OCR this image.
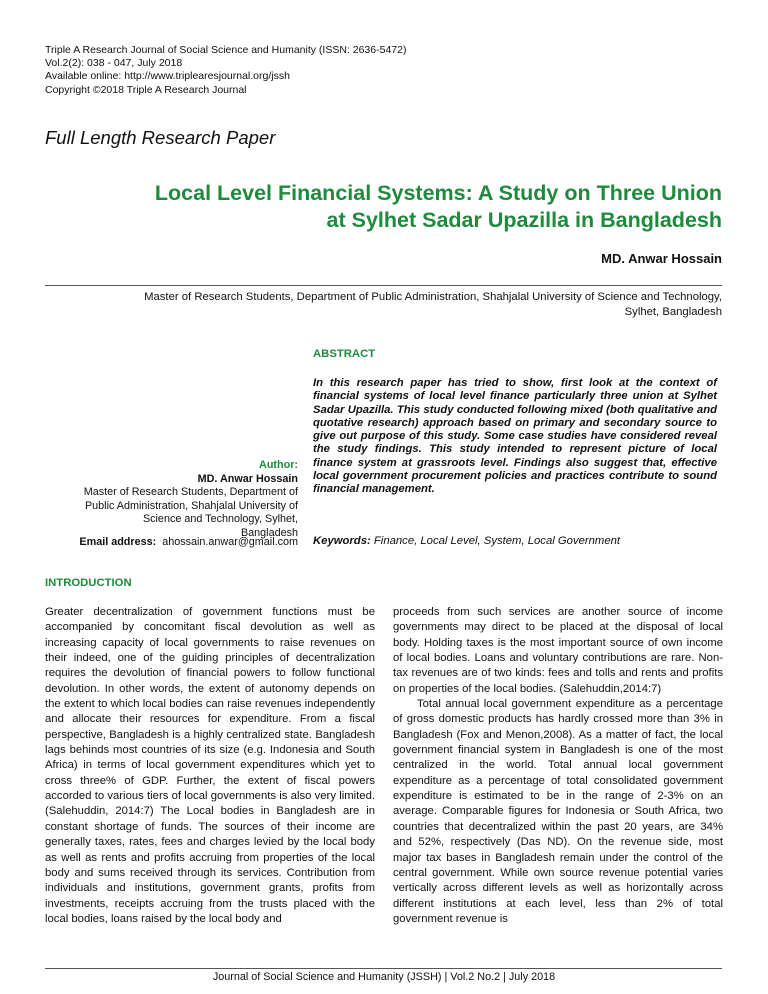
Triple A Research Journal of Social Science and Humanity (ISSN: 2636-5472)
Vol.2(2): 038 - 047, July 2018
Available online: http://www.triplearesjournal.org/jssh
Copyright ©2018 Triple A Research Journal
Full Length Research Paper
Local Level Financial Systems: A Study on Three Union
at Sylhet Sadar Upazilla in Bangladesh
MD. Anwar Hossain
Master of Research Students, Department of Public Administration, Shahjalal University of Science and Technology,
Sylhet, Bangladesh
ABSTRACT
In this research paper has tried to show, first look at the context of financial systems of local level finance particularly three union at Sylhet Sadar Upazilla. This study conducted following mixed (both qualitative and quotative research) approach based on primary and secondary source to give out purpose of this study. Some case studies have considered reveal the study findings. This study intended to represent picture of local finance system at grassroots level. Findings also suggest that, effective local government procurement policies and practices contribute to sound financial management.
Keywords: Finance, Local Level, System, Local Government
Author:
MD. Anwar Hossain
Master of Research Students, Department of
Public Administration, Shahjalal University of
Science and Technology, Sylhet,
Bangladesh
Email address: ahossain.anwar@gmail.com
INTRODUCTION

Greater decentralization of government functions must be accompanied by concomitant fiscal devolution as well as increasing capacity of local governments to raise revenues on their indeed, one of the guiding principles of decentralization requires the devolution of financial powers to follow functional devolution. In other words, the extent of autonomy depends on the extent to which local bodies can raise revenues independently and allocate their resources for expenditure. From a fiscal perspective, Bangladesh is a highly centralized state. Bangladesh lags behinds most countries of its size (e.g. Indonesia and South Africa) in terms of local government expenditures which yet to cross three% of GDP. Further, the extent of fiscal powers accorded to various tiers of local governments is also very limited. (Salehuddin, 2014:7) The Local bodies in Bangladesh are in constant shortage of funds. The sources of their income are generally taxes, rates, fees and charges levied by the local body as well as rents and profits accruing from properties of the local body and sums received through its services. Contribution from individuals and institutions, government grants, profits from investments, receipts accruing from the trusts placed with the local bodies, loans raised by the local body and

proceeds from such services are another source of income governments may direct to be placed at the disposal of local body. Holding taxes is the most important source of own income of local bodies. Loans and voluntary contributions are rare. Non-tax revenues are of two kinds: fees and tolls and rents and profits on properties of the local bodies. (Salehuddin,2014:7)

Total annual local government expenditure as a percentage of gross domestic products has hardly crossed more than 3% in Bangladesh (Fox and Menon,2008). As a matter of fact, the local government financial system in Bangladesh is one of the most centralized in the world. Total annual local government expenditure as a percentage of total consolidated government expenditure is estimated to be in the range of 2-3% on an average. Comparable figures for Indonesia or South Africa, two countries that decentralized within the past 20 years, are 34% and 52%, respectively (Das ND). On the revenue side, most major tax bases in Bangladesh remain under the control of the central government. While own source revenue potential varies vertically across different levels as well as horizontally across different institutions at each level, less than 2% of total government revenue is

Journal of Social Science and Humanity (JSSH) | Vol.2 No.2 | July 2018
